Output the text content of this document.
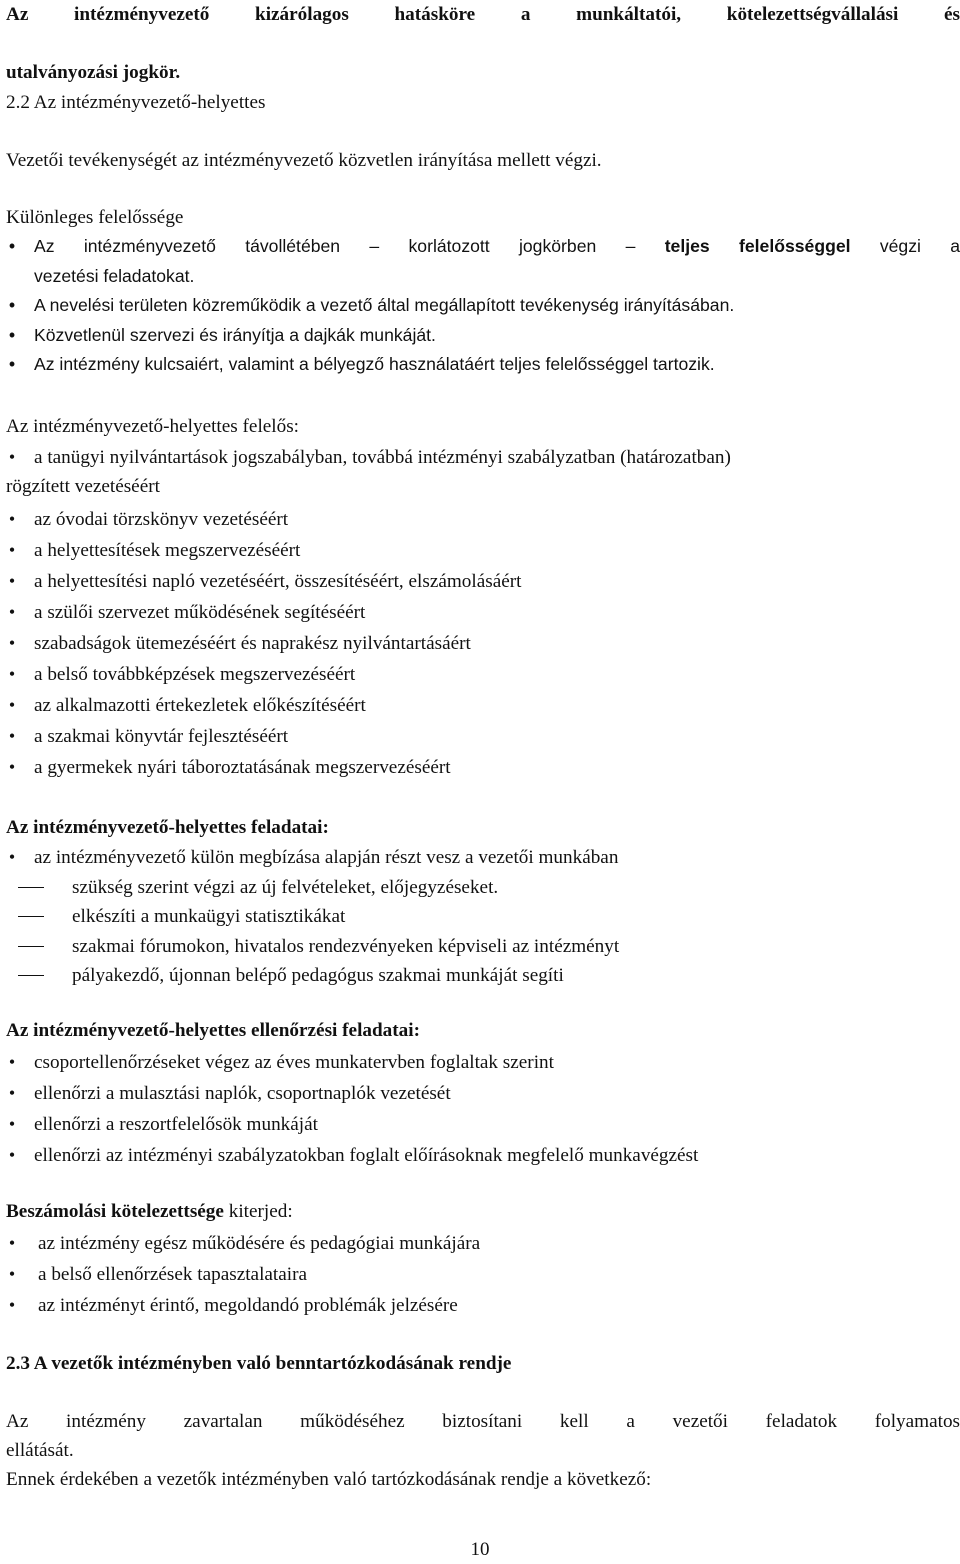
Az intézményvezető kizárólagos hatásköre a munkáltatói, kötelezettségvállalási és

utalványozási jogkör.

2.2 Az intézményvezető-helyettes
Vezetői tevékenységét az intézményvezető közvetlen irányítása mellett végzi.
Különleges felelőssége
• Az intézményvezető távollétében – korlátozott jogkörben – teljes felelősséggel végzi a
vezetési feladatokat.
• A nevelési területen közreműködik a vezető által megállapított tevékenység irányításában.
• Közvetlenül szervezi és irányítja a dajkák munkáját.
• Az intézmény kulcsaiért, valamint a bélyegző használatáért teljes felelősséggel tartozik.
Az intézményvezető-helyettes felelős:
• a tanügyi nyilvántartások jogszabályban, továbbá intézményi szabályzatban (határozatban)
rögzített vezetéséért
• az óvodai törzskönyv vezetéséért
• a helyettesítések megszervezéséért
• a helyettesítési napló vezetéséért, összesítéséért, elszámolásáért
• a szülői szervezet működésének segítéséért
• szabadságok ütemezéséért és naprakész nyilvántartásáért
• a belső továbbképzések megszervezéséért
• az alkalmazotti értekezletek előkészítéséért
• a szakmai könyvtár fejlesztéséért
• a gyermekek nyári táboroztatásának megszervezéséért
Az intézményvezető-helyettes feladatai:
• az intézményvezető külön megbízása alapján részt vesz a vezetői munkában
szükség szerint végzi az új felvételeket, előjegyzéseket.
elkészíti a munkaügyi statisztikákat
szakmai fórumokon, hivatalos rendezvényeken képviseli az intézményt
pályakezdő, újonnan belépő pedagógus szakmai munkáját segíti
Az intézményvezető-helyettes ellenőrzési feladatai:
• csoportellenőrzéseket végez az éves munkatervben foglaltak szerint
• ellenőrzi a mulasztási naplók, csoportnaplók vezetését
• ellenőrzi a reszortfelelősök munkáját
• ellenőrzi az intézményi szabályzatokban foglalt előírásoknak megfelelő munkavégzést
Beszámolási kötelezettsége kiterjed:
• az intézmény egész működésére és pedagógiai munkájára
• a belső ellenőrzések tapasztalataira
• az intézményt érintő, megoldandó problémák jelzésére
2.3 A vezetők intézményben való benntartózkodásának rendje

Az intézmény zavartalan működéséhez biztosítani kell a vezetői feladatok folyamatos

ellátását.

Ennek érdekében a vezetők intézményben való tartózkodásának rendje a következő:

10
